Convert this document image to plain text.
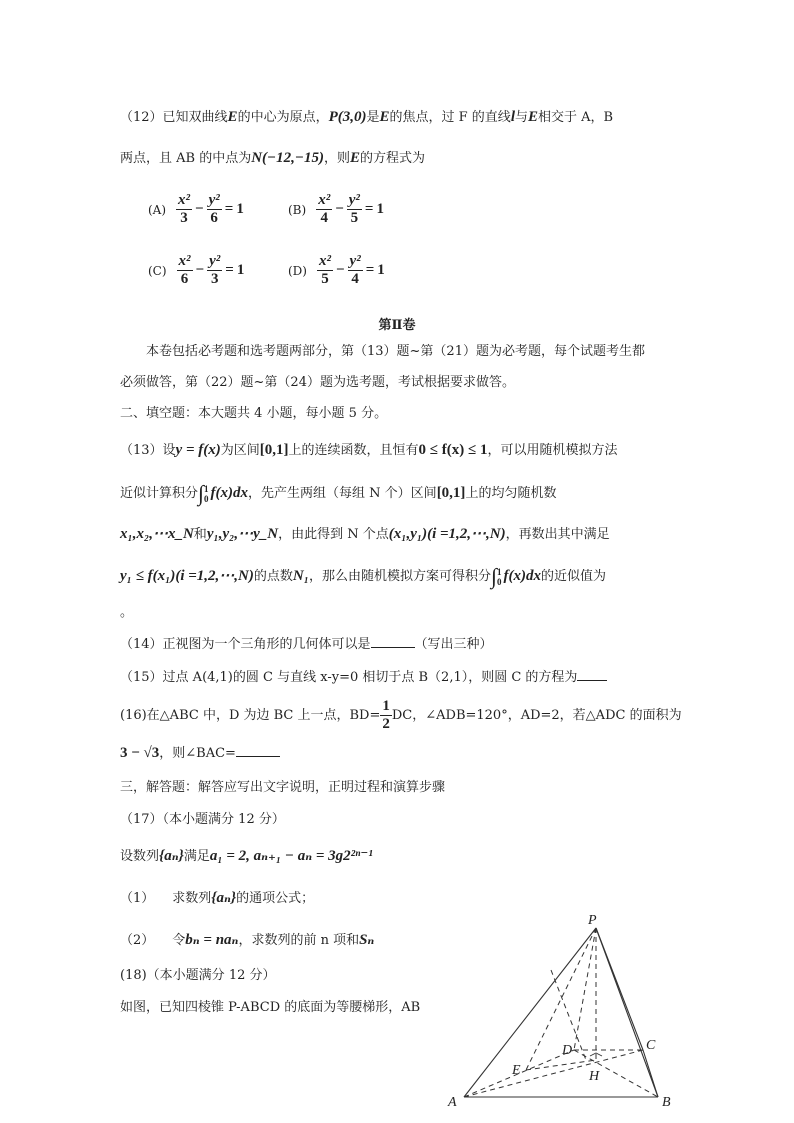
（12）已知双曲线E的中心为原点，P(3,0)是E的焦点，过 F 的直线l与E相交于 A，B
两点，且 AB 的中点为N(−12,−15)，则E的方程式为
$(A) \frac{\text{x²}}{3} - \frac{\text{y²}}{6} = 1$	$(B) \frac{\text{x²}}{4} - \frac{\text{y²}}{5} = 1$
$(C) \frac{\text{x²}}{6} - \frac{\text{y²}}{3} = 1$	$(D) \frac{\text{x²}}{5} - \frac{\text{y²}}{4} = 1$
第Ⅱ卷
本卷包括必考题和选考题两部分，第（13）题~第（21）题为必考题，每个试题考生都
必须做答，第（22）题~第（24）题为选考题，考试根据要求做答。
二、填空题：本大题共 4 小题，每小题 5 分。
（13）设y = f(x)为区间[0,1]上的连续函数，且恒有0 ≤ f(x) ≤ 1，可以用随机模拟方法
近似计算积分∫ 1
0 f(x)dx，先产生两组（每组 N 个）区间[0,1]上的均匀随机数
x₁,x₂,⋯x_N和y₁,y₂,⋯y_N，由此得到 N 个点(x₁,y₁)(i =1,2,⋯,N)，再数出其中满足
y₁ ≤ f(x₁)(i =1,2,⋯,N)的点数N₁，那么由随机模拟方案可得积分∫ 1
0 f(x)dx的近似值为
。
（14）正视图为一个三角形的几何体可以是	（写出三种）
（15）过点 A(4,1)的圆 C 与直线 x-y=0 相切于点 B（2,1），则圆 C 的方程为
(16)在△ABC 中，D 为边 BC 上一点，$BD= \frac{1}{2}$ DC，∠ADB=120°，AD=2，若△ADC 的面积为
3 − √3，则∠BAC=
三，解答题：解答应写出文字说明，正明过程和演算步骤
（17）（本小题满分 12 分）
设数列{aₙ}满足a₁ = 2, aₙ₊₁ − aₙ = 3g2²ⁿ⁻¹
（1） 求数列{aₙ}的通项公式；
（2） 令bₙ = naₙ，求数列的前 n 项和Sₙ
(18)（本小题满分 12 分）
如图，已知四棱锥 P-ABCD 的底面为等腰梯形，AB
P
A	B
C
D
E	H
